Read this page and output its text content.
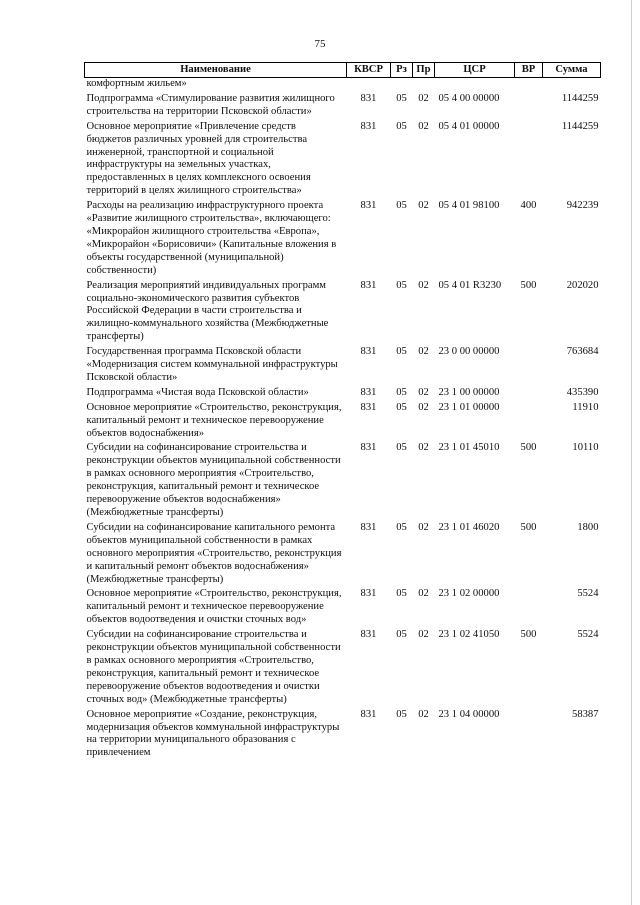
75
Наименование	КВСР	Рз	Пр	ЦСР	ВР	Сумма
комфортным жильем»						
Подпрограмма «Стимулирование развития жилищного строительства на территории Псковской области»	831	05	02	05 4 00 00000		1144259
Основное мероприятие «Привлечение средств бюджетов различных уровней для строительства инженерной, транспортной и социальной инфраструктуры на земельных участках, предоставленных в целях комплексного освоения территорий в целях жилищного строительства»	831	05	02	05 4 01 00000		1144259
Расходы на реализацию инфраструктурного проекта «Развитие жилищного строительства», включающего: «Микрорайон жилищного строительства «Европа», «Микрорайон «Борисовичи» (Капитальные вложения в объекты государственной (муниципальной) собственности)	831	05	02	05 4 01 98100	400	942239
Реализация мероприятий индивидуальных программ социально-экономического развития субъектов Российской Федерации в части строительства и жилищно-коммунального хозяйства (Межбюджетные трансферты)	831	05	02	05 4 01 R3230	500	202020
Государственная программа Псковской области «Модернизация систем коммунальной инфраструктуры Псковской области»	831	05	02	23 0 00 00000		763684
Подпрограмма «Чистая вода Псковской области»	831	05	02	23 1 00 00000		435390
Основное мероприятие «Строительство, реконструкция, капитальный ремонт и техническое перевооружение объектов водоснабжения»	831	05	02	23 1 01 00000		11910
Субсидии на софинансирование строительства и реконструкции объектов муниципальной собственности в рамках основного мероприятия «Строительство, реконструкция, капитальный ремонт и техническое перевооружение объектов водоснабжения» (Межбюджетные трансферты)	831	05	02	23 1 01 45010	500	10110
Субсидии на софинансирование капитального ремонта объектов муниципальной собственности в рамках основного мероприятия «Строительство, реконструкция и капитальный ремонт объектов водоснабжения» (Межбюджетные трансферты)	831	05	02	23 1 01 46020	500	1800
Основное мероприятие «Строительство, реконструкция, капитальный ремонт и техническое перевооружение объектов водоотведения и очистки сточных вод»	831	05	02	23 1 02 00000		5524
Субсидии на софинансирование строительства и реконструкции объектов муниципальной собственности в рамках основного мероприятия «Строительство, реконструкция, капитальный ремонт и техническое перевооружение объектов водоотведения и очистки сточных вод» (Межбюджетные трансферты)	831	05	02	23 1 02 41050	500	5524
Основное мероприятие «Создание, реконструкция, модернизация объектов коммунальной инфраструктуры на территории муниципального образования с привлечением	831	05	02	23 1 04 00000		58387
